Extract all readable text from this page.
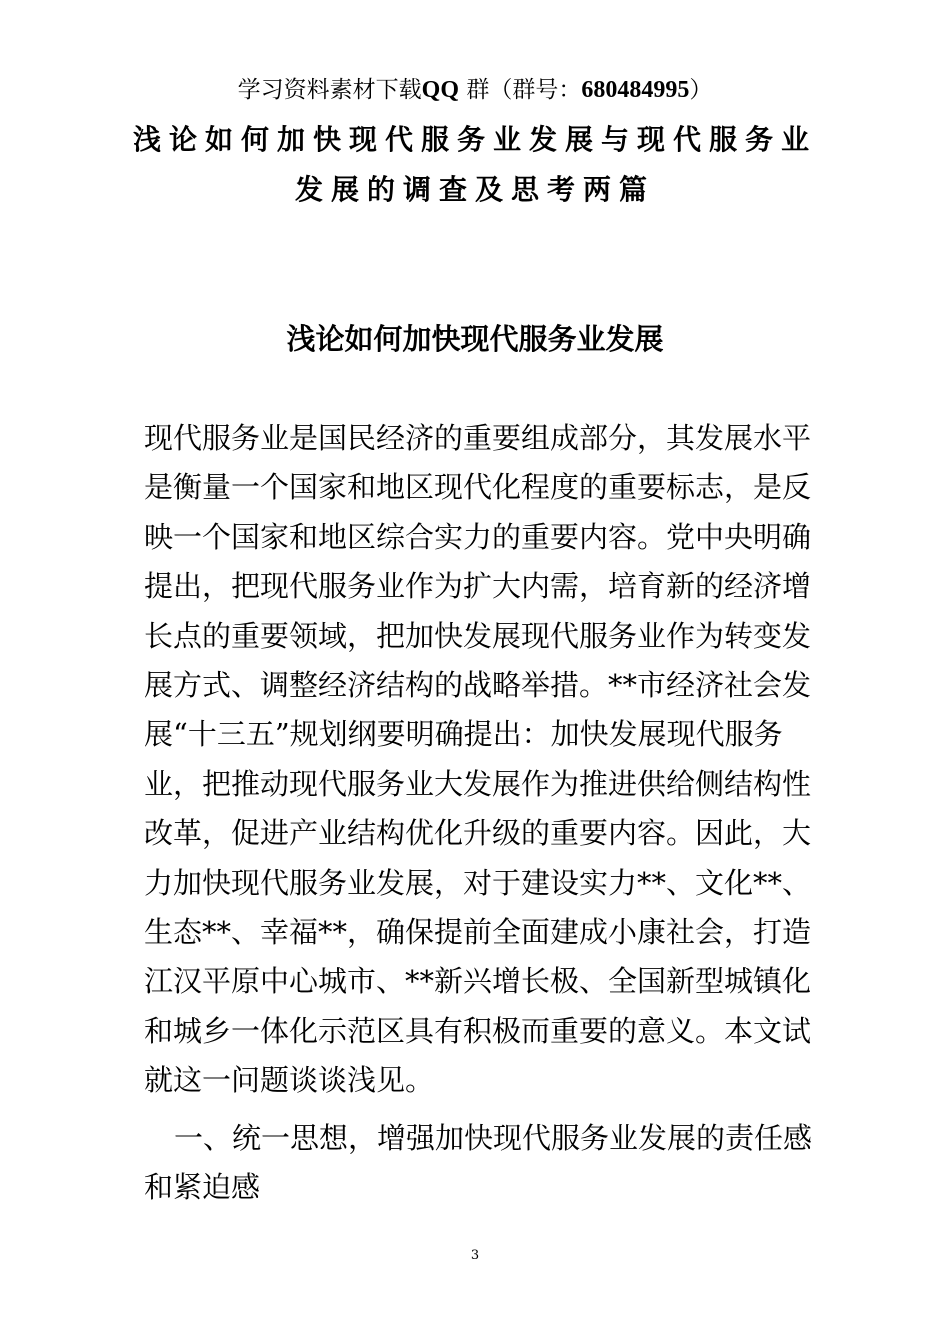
学习资料素材下载QQ 群（群号：680484995）
浅论如何加快现代服务业发展与现代服务业
发展的调查及思考两篇
浅论如何加快现代服务业发展
现代服务业是国民经济的重要组成部分，其发展水平
是衡量一个国家和地区现代化程度的重要标志，是反
映一个国家和地区综合实力的重要内容。党中央明确
提出，把现代服务业作为扩大内需，培育新的经济增
长点的重要领域，把加快发展现代服务业作为转变发
展方式、调整经济结构的战略举措。**市经济社会发
展“十三五”规划纲要明确提出：加快发展现代服务
业，把推动现代服务业大发展作为推进供给侧结构性
改革，促进产业结构优化升级的重要内容。因此，大
力加快现代服务业发展，对于建设实力**、文化**、
生态**、幸福**，确保提前全面建成小康社会，打造
江汉平原中心城市、**新兴增长极、全国新型城镇化
和城乡一体化示范区具有积极而重要的意义。本文试
就这一问题谈谈浅见。
一、统一思想，增强加快现代服务业发展的责任感
和紧迫感
3
